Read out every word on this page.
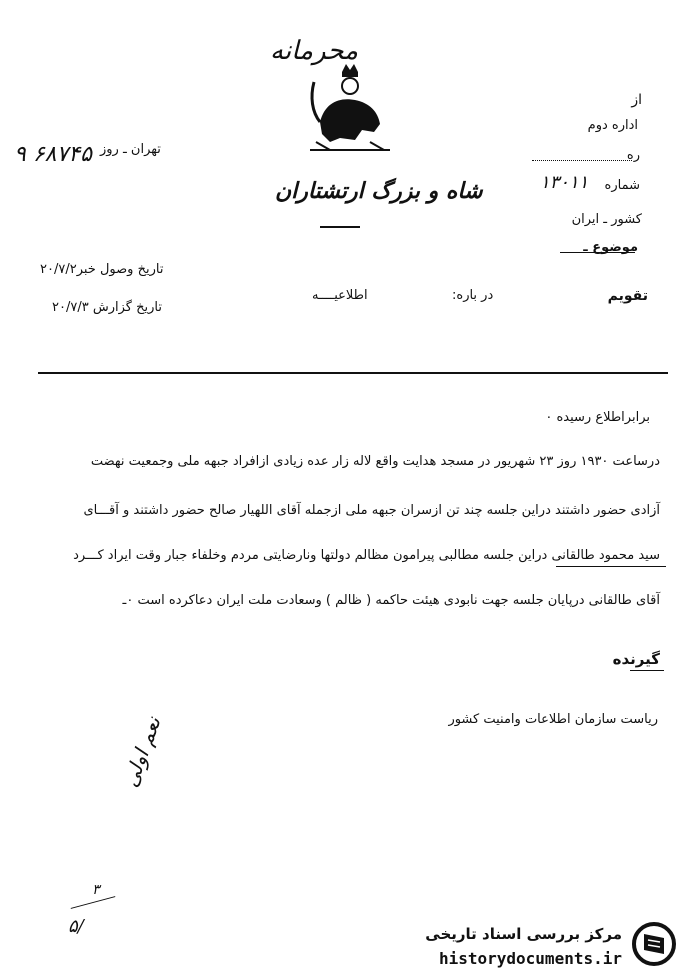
محرمانه
شاه و بزرگ ارتشتاران
از
اداره دوم
ره
شماره
۱۳۰۱۱
کشور ـ ایران
موضوع ـ
۶۸۷۴۵ ۹ تهران ـ روز
تاریخ وصول خبر۲۰/۷/۲
تاریخ گزارش ۲۰/۷/۳
تقویم
در باره:
اطلاعیــــه
برابراطلاع رسیده ۰
درساعت ۱۹۳۰ روز ۲۳ شهریور در مسجد هدایت واقع لاله زار عده زیادی ازافراد جبهه ملی وجمعیت نهضت
آزادی حضور داشتند دراین جلسه چند تن ازسران جبهه ملی ازجمله آقای اللهیار صالح حضور داشتند و آقـــای
سید محمود طالقانی دراین جلسه مطالبی پیرامون مظالم دولتها ونارضایتی مردم وخلفاء جبار وقت ایراد کـــرد
آقای طالقانی درپایان جلسه جهت نابودی هیئت حاکمه ( ظالم ) وسعادت ملت ایران دعاکرده است ۰ـ
گیرنده
ریاست سازمان اطلاعات وامنیت کشور
نعم اولی
۳
۵/	مرکز بررسی اسناد تاریخی
historydocuments.ir
